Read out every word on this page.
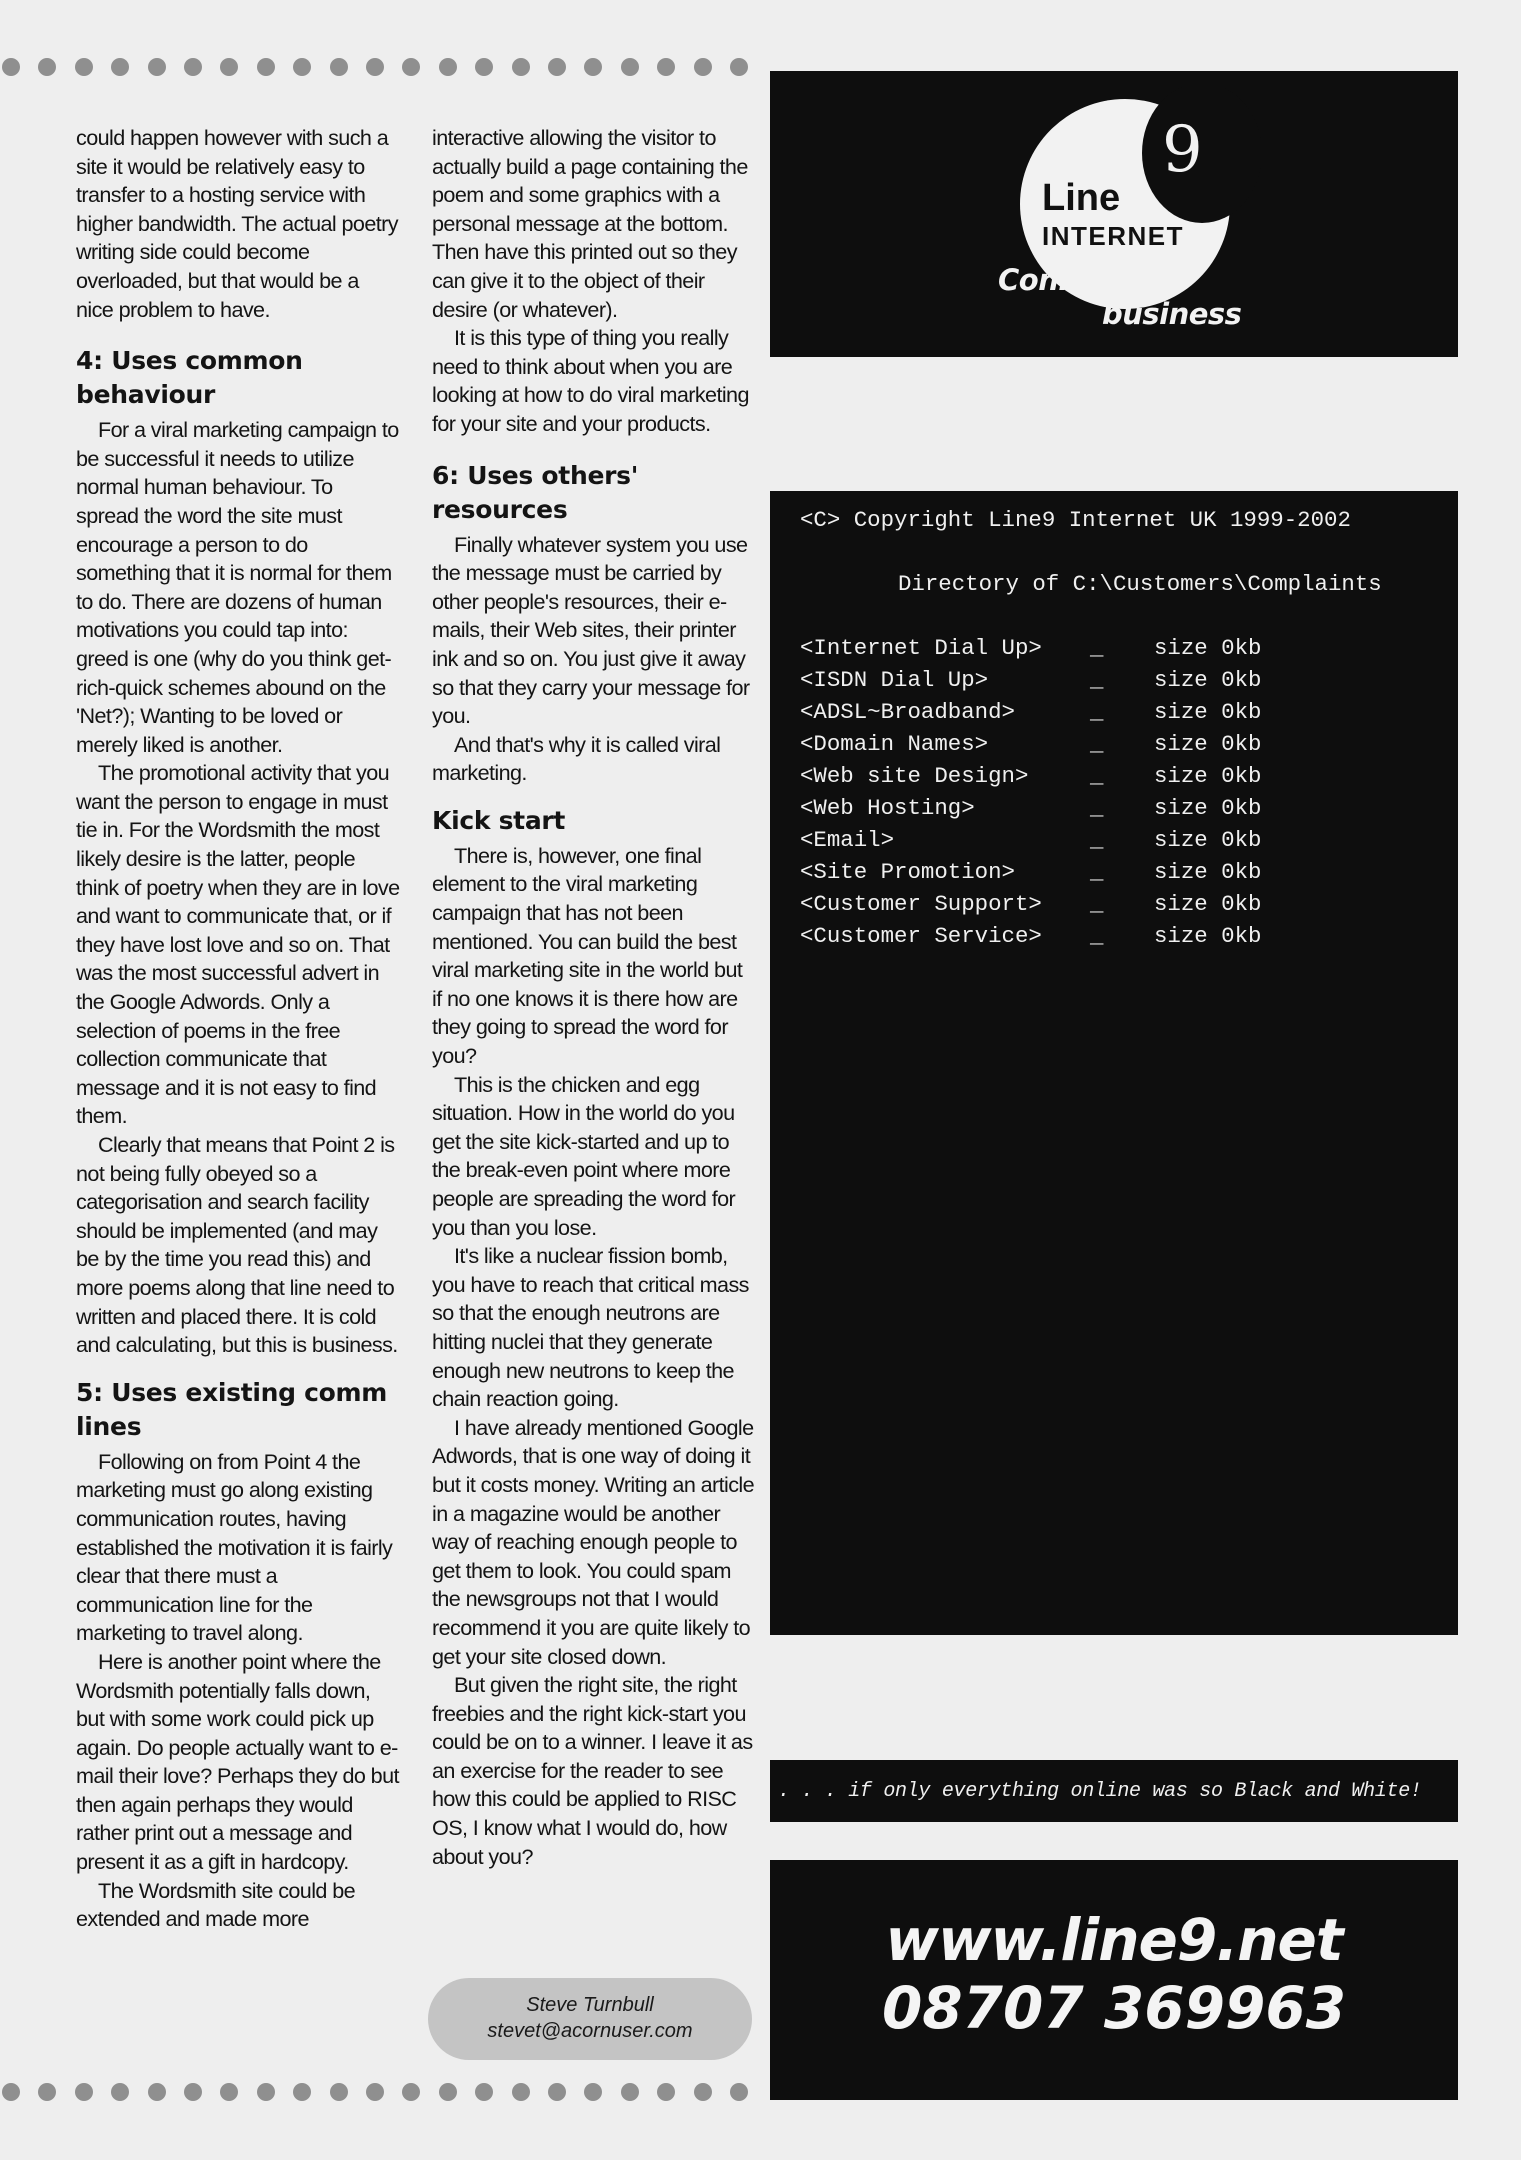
could happen however with such a site it would be relatively easy to transfer to a hosting service with higher bandwidth. The actual poetry writing side could become overloaded, but that would be a nice problem to have.

4: Uses common behaviour

For a viral marketing campaign to be successful it needs to utilize normal human behaviour. To spread the word the site must encourage a person to do something that it is normal for them to do. There are dozens of human motivations you could tap into: greed is one (why do you think get-rich-quick schemes abound on the 'Net?); Wanting to be loved or merely liked is another.

The promotional activity that you want the person to engage in must tie in. For the Wordsmith the most likely desire is the latter, people think of poetry when they are in love and want to communicate that, or if they have lost love and so on. That was the most successful advert in the Google Adwords. Only a selection of poems in the free collection communicate that message and it is not easy to find them.

Clearly that means that Point 2 is not being fully obeyed so a categorisation and search facility should be implemented (and may be by the time you read this) and more poems along that line need to written and placed there. It is cold and calculating, but this is business.

5: Uses existing comm lines

Following on from Point 4 the marketing must go along existing communication routes, having established the motivation it is fairly clear that there must a communication line for the marketing to travel along.

Here is another point where the Wordsmith potentially falls down, but with some work could pick up again. Do people actually want to e-mail their love? Perhaps they do but then again perhaps they would rather print out a message and present it as a gift in hardcopy.

The Wordsmith site could be extended and made more

interactive allowing the visitor to actually build a page containing the poem and some graphics with a personal message at the bottom. Then have this printed out so they can give it to the object of their desire (or whatever).

It is this type of thing you really need to think about when you are looking at how to do viral marketing for your site and your products.

6: Uses others' resources

Finally whatever system you use the message must be carried by other people's resources, their e-mails, their Web sites, their printer ink and so on. You just give it away so that they carry your message for you.

And that's why it is called viral marketing.

Kick start

There is, however, one final element to the viral marketing campaign that has not been mentioned. You can build the best viral marketing site in the world but if no one knows it is there how are they going to spread the word for you?

This is the chicken and egg situation. How in the world do you get the site kick-started and up to the break-even point where more people are spreading the word for you than you lose.

It's like a nuclear fission bomb, you have to reach that critical mass so that the enough neutrons are hitting nuclei that they generate enough new neutrons to keep the chain reaction going.

I have already mentioned Google Adwords, that is one way of doing it but it costs money. Writing an article in a magazine would be another way of reaching enough people to get them to look. You could spam the newsgroups not that I would recommend it you are quite likely to get your site closed down.

But given the right site, the right freebies and the right kick-start you could be on to a winner. I leave it as an exercise for the reader to see how this could be applied to RISC OS, I know what I would do, how about you?

Steve Turnbull
stevet@acornuser.com
9
Line
INTERNET
Connecting
business
<C> Copyright Line9 Internet UK 1999-2002
Directory of C:\Customers\Complaints
<Internet Dial Up> _ size 0kb
<ISDN Dial Up>	_ size 0kb
<ADSL~Broadband>	_ size 0kb
<Domain Names>	_ size 0kb
<Web site Design>	_ size 0kb
<Web Hosting>	_ size 0kb
<Email>	_ size 0kb
<Site Promotion>	_ size 0kb
<Customer Support> _ size 0kb
<Customer Service> _ size 0kb
. . . if only everything online was so Black and White!
www.line9.net
08707 369963
